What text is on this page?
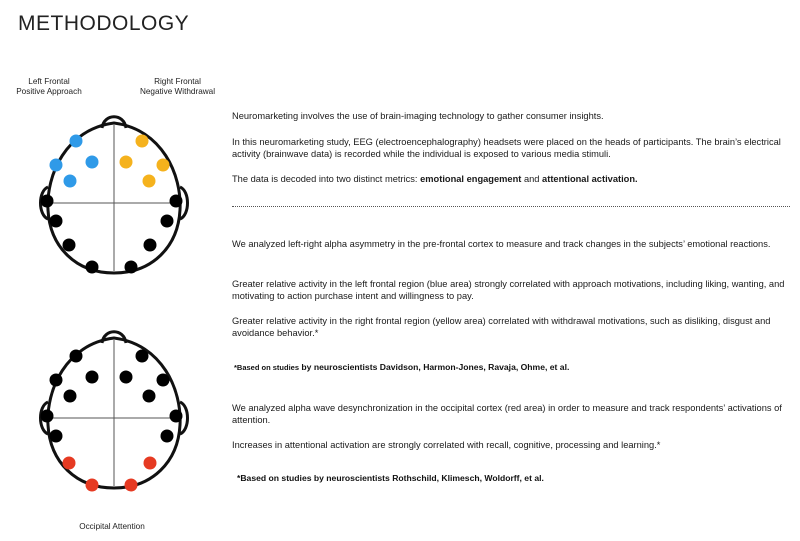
METHODOLOGY
Left Frontal
Positive Approach
Right Frontal
Negative Withdrawal
Occipital Attention

Neuromarketing involves the use of brain-imaging technology to gather consumer insights.

In this neuromarketing study, EEG (electroencephalography) headsets were placed on the heads of participants. The brain’s electrical activity (brainwave data) is recorded while the individual is exposed to various media stimuli.

The data is decoded into two distinct metrics: emotional engagement and attentional activation.

We analyzed left-right alpha asymmetry in the pre-frontal cortex to measure and track changes in the subjects’ emotional reactions.

Greater relative activity in the left frontal region (blue area) strongly correlated with approach motivations, including liking, wanting, and motivating to action purchase intent and willingness to pay.

Greater relative activity in the right frontal region (yellow area) correlated with withdrawal motivations, such as disliking, disgust and avoidance behavior.*

*Based on studies by neuroscientists Davidson, Harmon-Jones, Ravaja, Ohme, et al.

We analyzed alpha wave desynchronization in the occipital cortex (red area) in order to measure and track respondents’ activations of attention.

Increases in attentional activation are strongly correlated with recall, cognitive, processing and learning.*

*Based on studies by neuroscientists Rothschild, Klimesch, Woldorff, et al.
